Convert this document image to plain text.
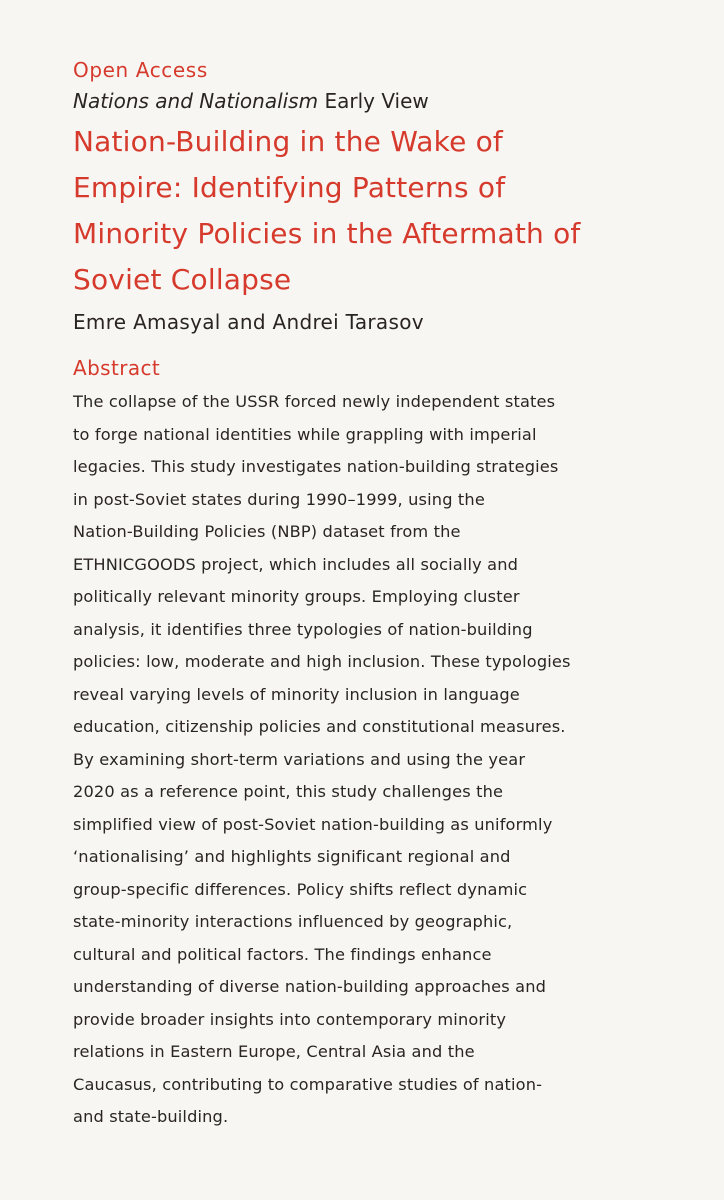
Open Access
Nations and Nationalism Early View
Nation-Building in the Wake of
Empire: Identifying Patterns of
Minority Policies in the Aftermath of
Soviet Collapse
Emre Amasyal and Andrei Tarasov
Abstract
The collapse of the USSR forced newly independent states
to forge national identities while grappling with imperial
legacies. This study investigates nation-building strategies
in post-Soviet states during 1990–1999, using the
Nation-Building Policies (NBP) dataset from the
ETHNICGOODS project, which includes all socially and
politically relevant minority groups. Employing cluster
analysis, it identifies three typologies of nation-building
policies: low, moderate and high inclusion. These typologies
reveal varying levels of minority inclusion in language
education, citizenship policies and constitutional measures.
By examining short-term variations and using the year
2020 as a reference point, this study challenges the
simplified view of post-Soviet nation-building as uniformly
‘nationalising’ and highlights significant regional and
group-specific differences. Policy shifts reflect dynamic
state-minority interactions influenced by geographic,
cultural and political factors. The findings enhance
understanding of diverse nation-building approaches and
provide broader insights into contemporary minority
relations in Eastern Europe, Central Asia and the
Caucasus, contributing to comparative studies of nation-
and state-building.
